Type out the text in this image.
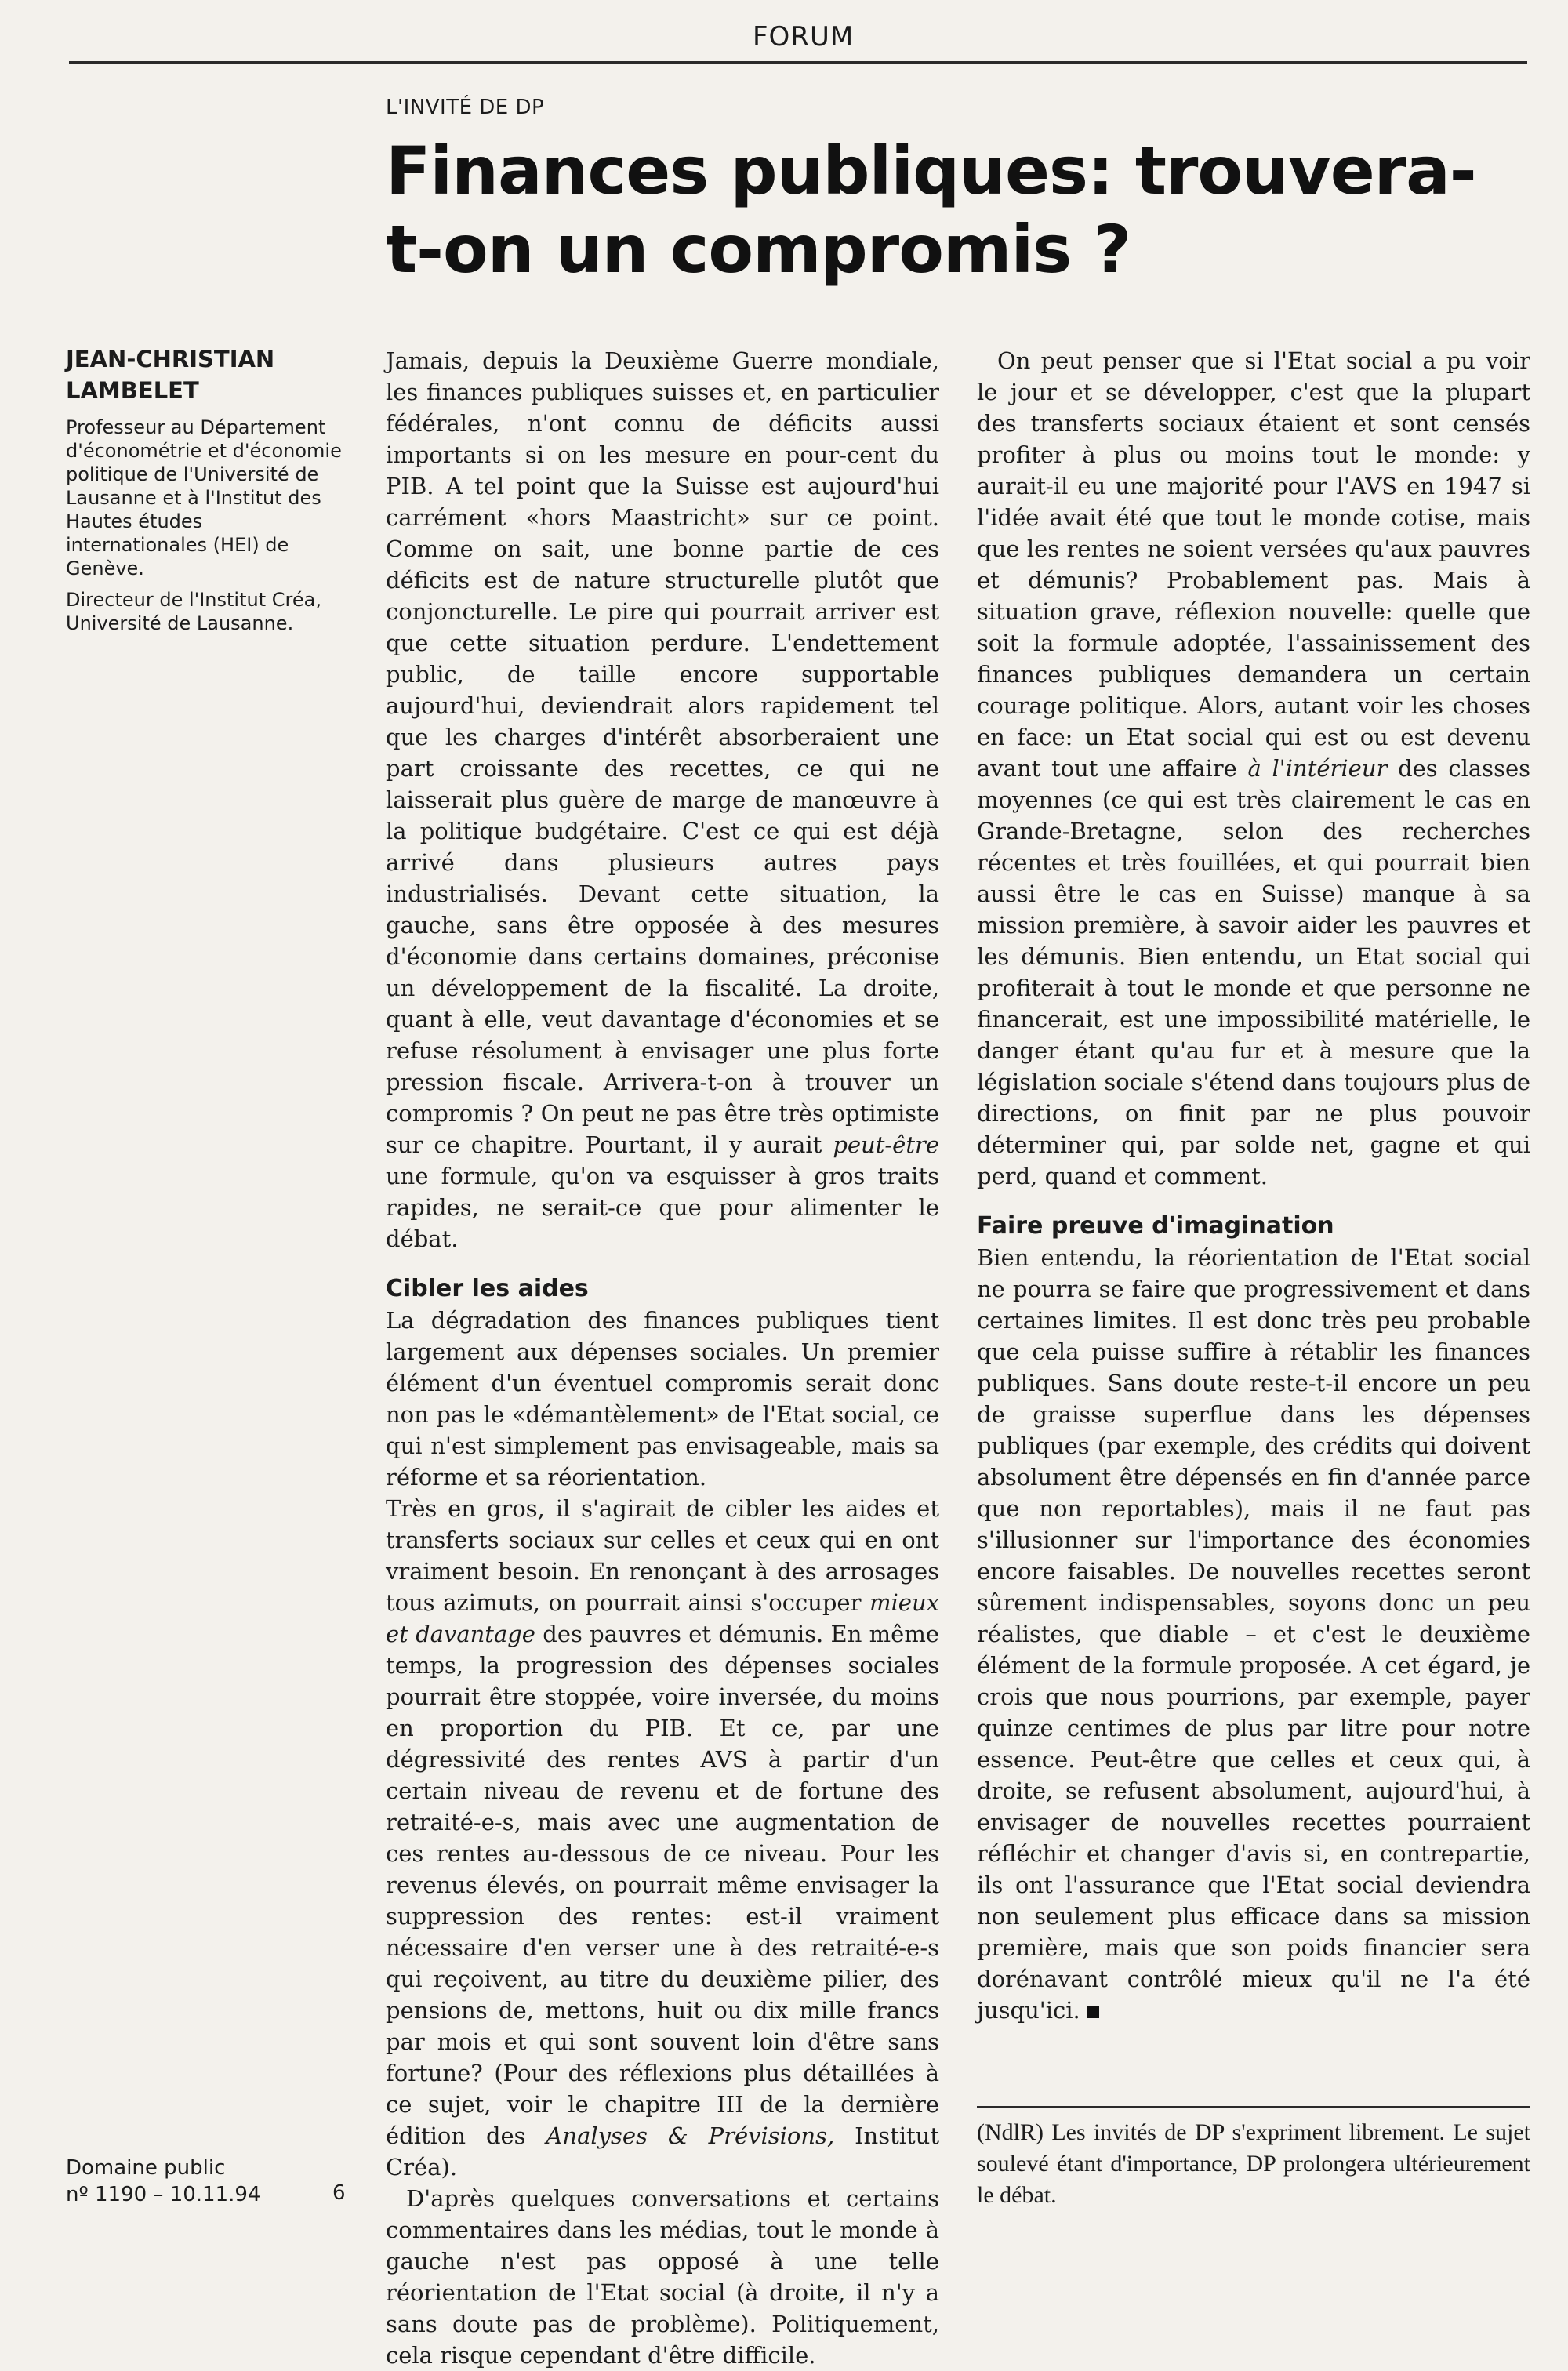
FORUM
L'INVITÉ DE DP
Finances publiques: trouvera-t-on un compromis ?
JEAN-CHRISTIAN LAMBELET

Professeur au Département d'économétrie et d'économie politique de l'Université de Lausanne et à l'Institut des Hautes études internationales (HEI) de Genève.

Directeur de l'Institut Créa, Université de Lausanne.

Jamais, depuis la Deuxième Guerre mondiale, les finances publiques suisses et, en particulier fédérales, n'ont connu de déficits aussi importants si on les mesure en pour-cent du PIB. A tel point que la Suisse est aujourd'hui carrément «hors Maastricht» sur ce point. Comme on sait, une bonne partie de ces déficits est de nature structurelle plutôt que conjoncturelle. Le pire qui pourrait arriver est que cette situation perdure. L'endettement public, de taille encore supportable aujourd'hui, deviendrait alors rapidement tel que les charges d'intérêt absorberaient une part croissante des recettes, ce qui ne laisserait plus guère de marge de manœuvre à la politique budgétaire. C'est ce qui est déjà arrivé dans plusieurs autres pays industrialisés. Devant cette situation, la gauche, sans être opposée à des mesures d'économie dans certains domaines, préconise un développement de la fiscalité. La droite, quant à elle, veut davantage d'économies et se refuse résolument à envisager une plus forte pression fiscale. Arrivera-t-on à trouver un compromis ? On peut ne pas être très optimiste sur ce chapitre. Pourtant, il y aurait peut-être une formule, qu'on va esquisser à gros traits rapides, ne serait-ce que pour alimenter le débat.

Cibler les aides

La dégradation des finances publiques tient largement aux dépenses sociales. Un premier élément d'un éventuel compromis serait donc non pas le «démantèlement» de l'Etat social, ce qui n'est simplement pas envisageable, mais sa réforme et sa réorientation.

Très en gros, il s'agirait de cibler les aides et transferts sociaux sur celles et ceux qui en ont vraiment besoin. En renonçant à des arrosages tous azimuts, on pourrait ainsi s'occuper mieux et davantage des pauvres et démunis. En même temps, la progression des dépenses sociales pourrait être stoppée, voire inversée, du moins en proportion du PIB. Et ce, par une dégressivité des rentes AVS à partir d'un certain niveau de revenu et de fortune des retraité-e-s, mais avec une augmentation de ces rentes au-dessous de ce niveau. Pour les revenus élevés, on pourrait même envisager la suppression des rentes: est-il vraiment nécessaire d'en verser une à des retraité-e-s qui reçoivent, au titre du deuxième pilier, des pensions de, mettons, huit ou dix mille francs par mois et qui sont souvent loin d'être sans fortune? (Pour des réflexions plus détaillées à ce sujet, voir le chapitre III de la dernière édition des Analyses & Prévisions, Institut Créa).

D'après quelques conversations et certains commentaires dans les médias, tout le monde à gauche n'est pas opposé à une telle réorientation de l'Etat social (à droite, il n'y a sans doute pas de problème). Politiquement, cela risque cependant d'être difficile.

On peut penser que si l'Etat social a pu voir le jour et se développer, c'est que la plupart des transferts sociaux étaient et sont censés profiter à plus ou moins tout le monde: y aurait-il eu une majorité pour l'AVS en 1947 si l'idée avait été que tout le monde cotise, mais que les rentes ne soient versées qu'aux pauvres et démunis? Probablement pas. Mais à situation grave, réflexion nouvelle: quelle que soit la formule adoptée, l'assainissement des finances publiques demandera un certain courage politique. Alors, autant voir les choses en face: un Etat social qui est ou est devenu avant tout une affaire à l'intérieur des classes moyennes (ce qui est très clairement le cas en Grande-Bretagne, selon des recherches récentes et très fouillées, et qui pourrait bien aussi être le cas en Suisse) manque à sa mission première, à savoir aider les pauvres et les démunis. Bien entendu, un Etat social qui profiterait à tout le monde et que personne ne financerait, est une impossibilité matérielle, le danger étant qu'au fur et à mesure que la législation sociale s'étend dans toujours plus de directions, on finit par ne plus pouvoir déterminer qui, par solde net, gagne et qui perd, quand et comment.

Faire preuve d'imagination

Bien entendu, la réorientation de l'Etat social ne pourra se faire que progressivement et dans certaines limites. Il est donc très peu probable que cela puisse suffire à rétablir les finances publiques. Sans doute reste-t-il encore un peu de graisse superflue dans les dépenses publiques (par exemple, des crédits qui doivent absolument être dépensés en fin d'année parce que non reportables), mais il ne faut pas s'illusionner sur l'importance des économies encore faisables. De nouvelles recettes seront sûrement indispensables, soyons donc un peu réalistes, que diable – et c'est le deuxième élément de la formule proposée. A cet égard, je crois que nous pourrions, par exemple, payer quinze centimes de plus par litre pour notre essence. Peut-être que celles et ceux qui, à droite, se refusent absolument, aujourd'hui, à envisager de nouvelles recettes pourraient réfléchir et changer d'avis si, en contrepartie, ils ont l'assurance que l'Etat social deviendra non seulement plus efficace dans sa mission première, mais que son poids financier sera dorénavant contrôlé mieux qu'il ne l'a été jusqu'ici.

(NdlR) Les invités de DP s'expriment librement. Le sujet soulevé étant d'importance, DP prolongera ultérieurement le débat.
Domaine public
nº 1190 – 10.11.94	6
